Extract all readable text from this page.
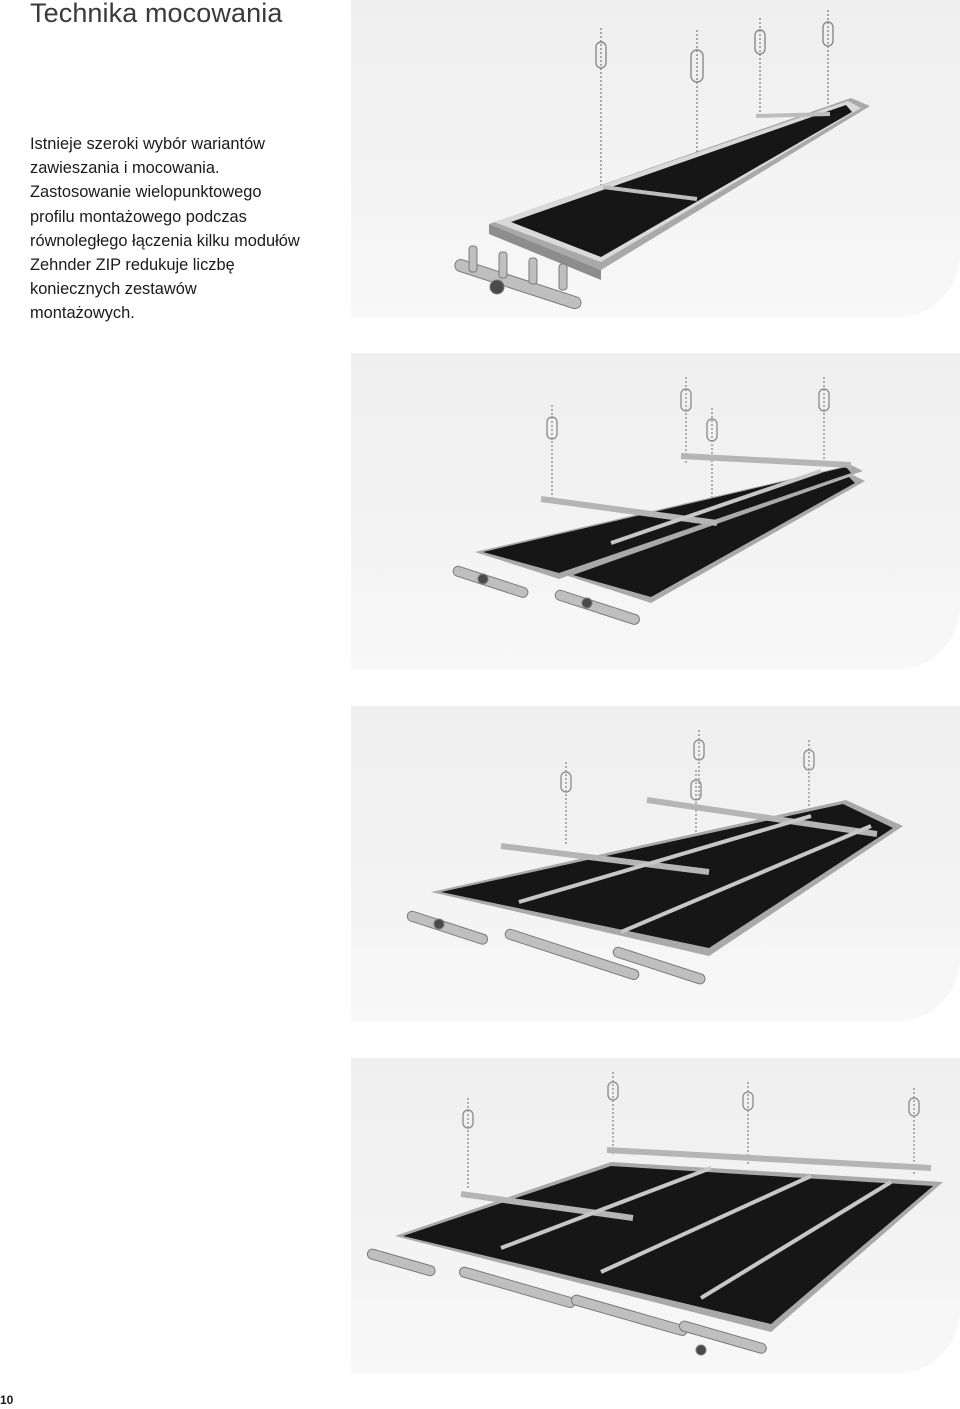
Technika mocowania

Istnieje szeroki wybór wariantów

zawieszania i mocowania.

Zastosowanie wielopunktowego

profilu montażowego podczas

równoległego łączenia kilku modułów

Zehnder ZIP redukuje liczbę

koniecznych zestawów

montażowych.

10
